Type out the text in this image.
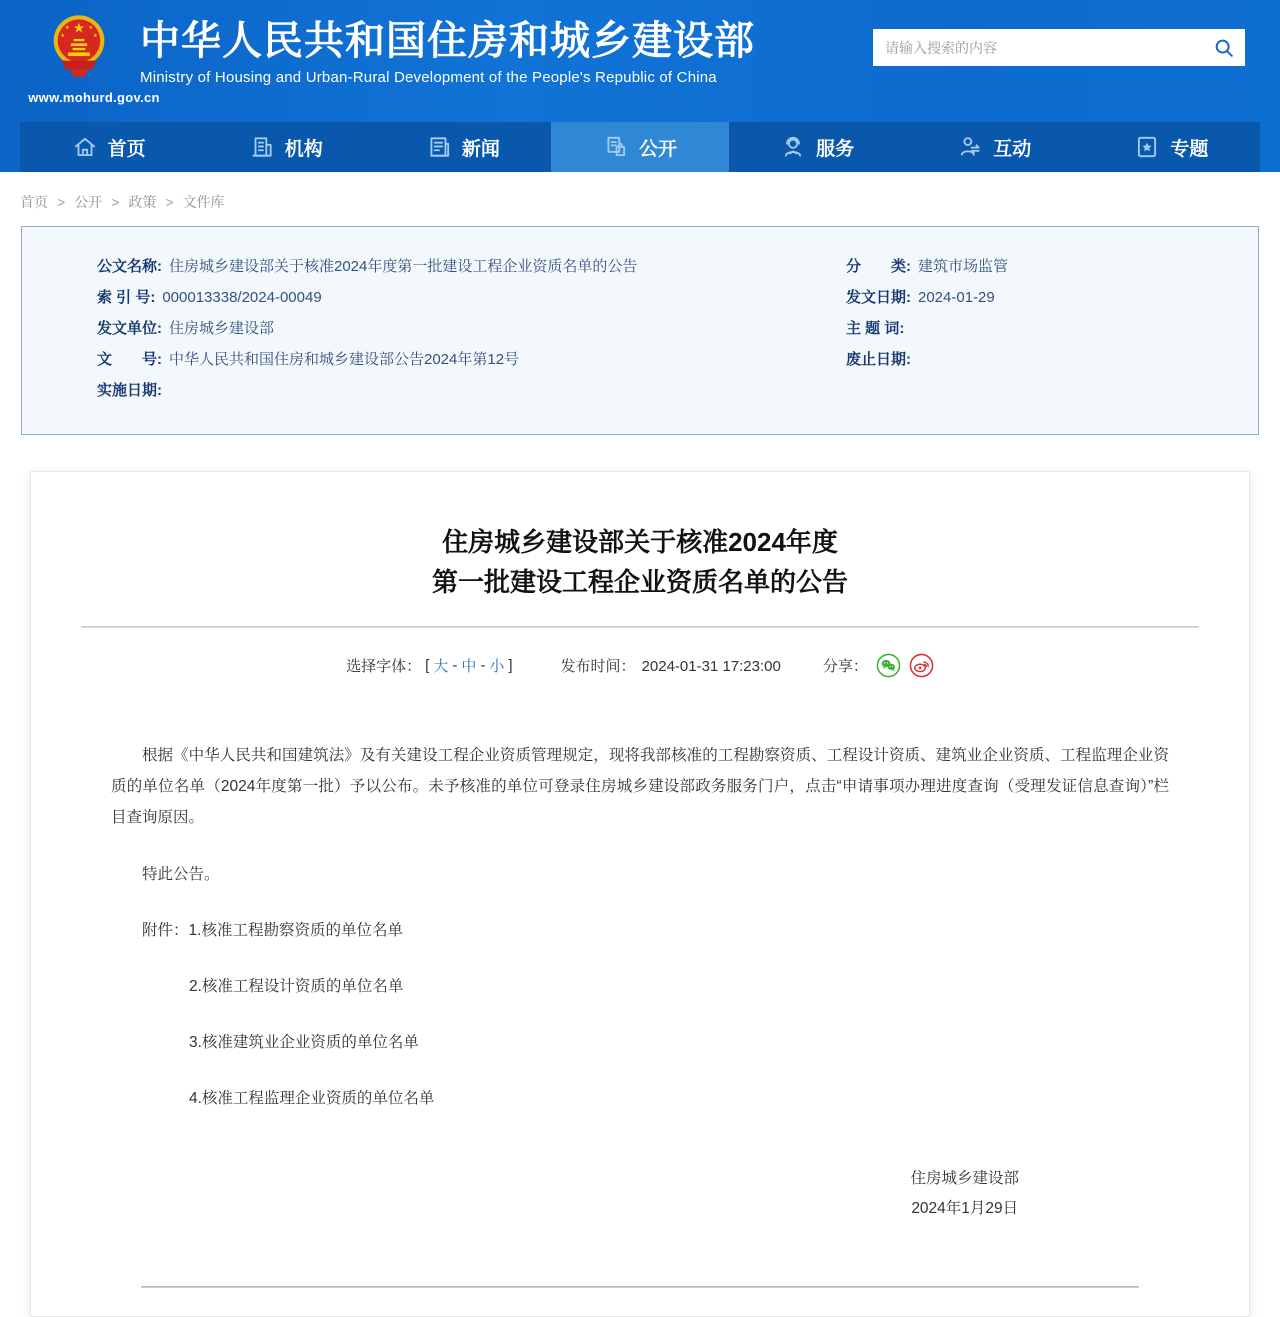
★
★	★
★	★
www.mohurd.gov.cn
中华人民共和国住房和城乡建设部
Ministry of Housing and Urban-Rural Development of the People's Republic of China
请输入搜索的内容
首页	机构	新闻	公开	服务	互动	专题
首页 > 公开 > 政策 > 文件库
公文名称: 住房城乡建设部关于核准2024年度第一批建设工程企业资质名单的公告
索 引 号: 000013338/2024-00049
发文单位: 住房城乡建设部
文　　号: 中华人民共和国住房和城乡建设部公告2024年第12号
实施日期:
分　　类: 建筑市场监管
发文日期: 2024-01-29
主 题 词:
废止日期:
住房城乡建设部关于核准2024年度
第一批建设工程企业资质名单的公告
选择字体： [ 大 - 中 - 小 ]	发布时间： 2024-01-31 17:23:00	分享：

根据《中华人民共和国建筑法》及有关建设工程企业资质管理规定，现将我部核准的工程勘察资质、工程设计资质、建筑业企业资质、工程监理企业资质的单位名单（2024年度第一批）予以公布。未予核准的单位可登录住房城乡建设部政务服务门户，点击“申请事项办理进度查询（受理发证信息查询）”栏目查询原因。

特此公告。

附件：1.核准工程勘察资质的单位名单
2.核准工程设计资质的单位名单
3.核准建筑业企业资质的单位名单
4.核准工程监理企业资质的单位名单
住房城乡建设部
2024年1月29日
